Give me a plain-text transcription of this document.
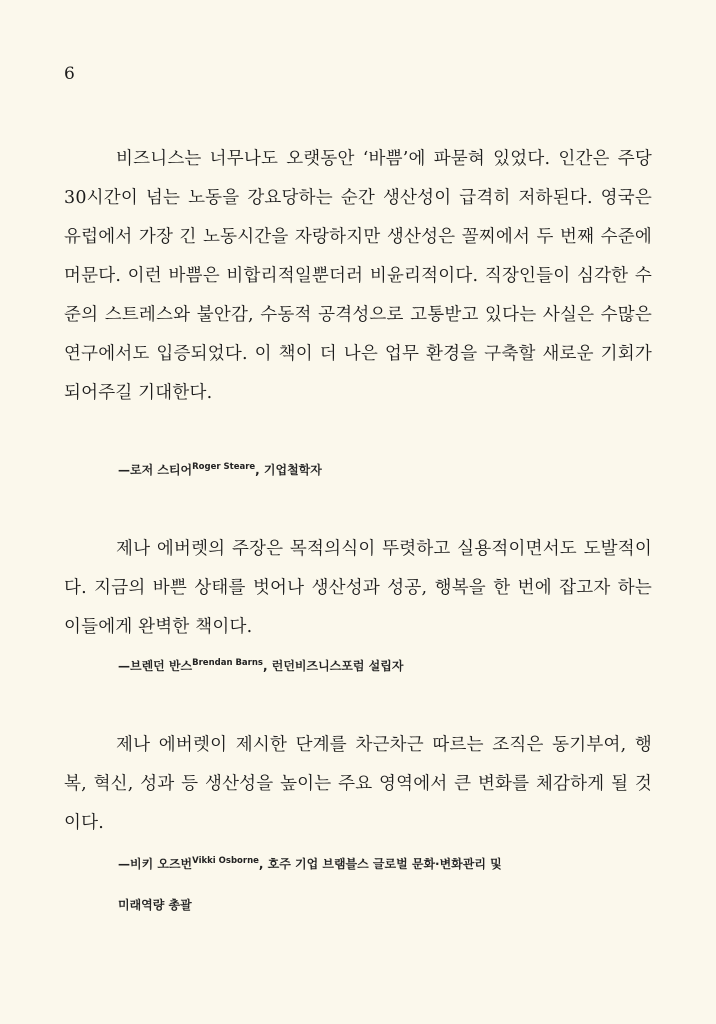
6

비즈니스는 너무나도 오랫동안 ‘바쁨’에 파묻혀 있었다. 인간은 주당 30시간이 넘는 노동을 강요당하는 순간 생산성이 급격히 저하된다. 영국은 유럽에서 가장 긴 노동시간을 자랑하지만 생산성은 꼴찌에서 두 번째 수준에 머문다. 이런 바쁨은 비합리적일뿐더러 비윤리적이다. 직장인들이 심각한 수준의 스트레스와 불안감, 수동적 공격성으로 고통받고 있다는 사실은 수많은 연구에서도 입증되었다. 이 책이 더 나은 업무 환경을 구축할 새로운 기회가 되어주길 기대한다.

—로저 스티어$^{Roger Steare}$, 기업철학자

제나 에버렛의 주장은 목적의식이 뚜렷하고 실용적이면서도 도발적이다. 지금의 바쁜 상태를 벗어나 생산성과 성공, 행복을 한 번에 잡고자 하는 이들에게 완벽한 책이다.

—브렌던 반스$^{Brendan Barns}$, 런던비즈니스포럼 설립자

제나 에버렛이 제시한 단계를 차근차근 따르는 조직은 동기부여, 행복, 혁신, 성과 등 생산성을 높이는 주요 영역에서 큰 변화를 체감하게 될 것이다.

—비키 오즈번$^{Vikki Osborne}$, 호주 기업 브램블스 글로벌 문화·변화관리 및
미래역량 총괄
